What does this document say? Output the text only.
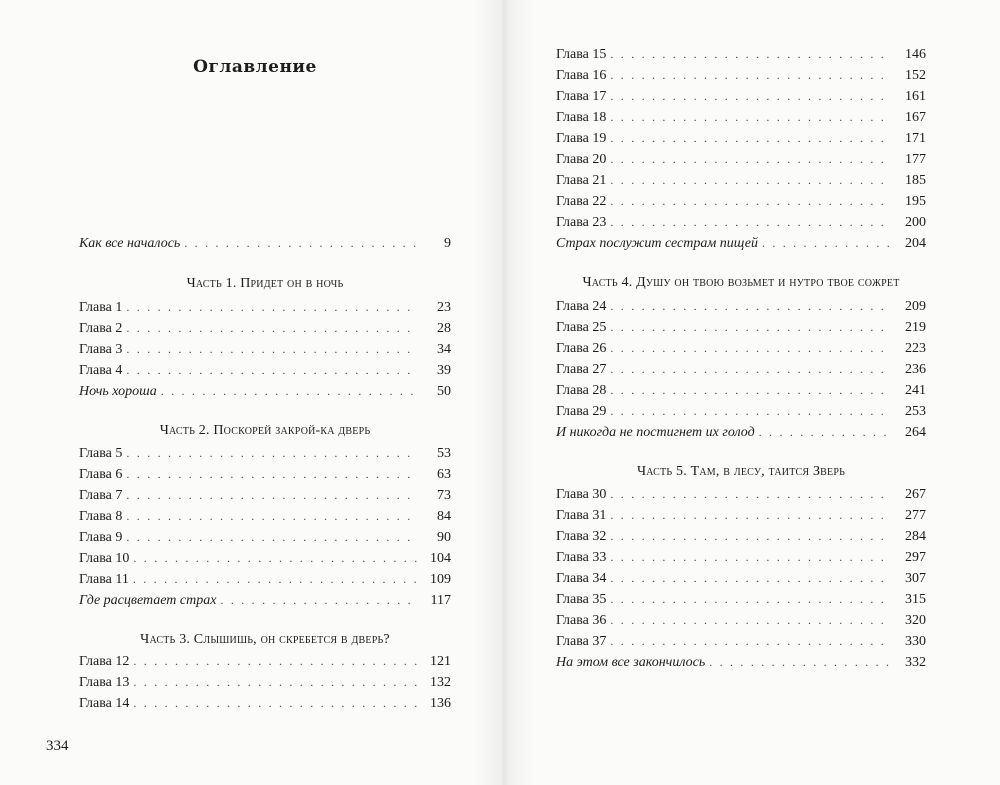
Оглавление
Как все началось . . .	9
Часть 1. Придет он в ночь
Глава 1 . . .	23
Глава 2 . . .	28
Глава 3 . . .	34
Глава 4 . . .	39
Ночь хороша . . .	50
Часть 2. Поскорей закрой-ка дверь
Глава 5 . . .	53
Глава 6 . . .	63
Глава 7 . . .	73
Глава 8 . . .	84
Глава 9 . . .	90
Глава 10 . . .	104
Глава 11 . . .	109
Где расцветает страх . . .	117
Часть 3. Слышишь, он скребется в дверь?
Глава 12 . . .	121
Глава 13 . . .	132
Глава 14 . . .	136
334
Глава 15 . . .	146
Глава 16 . . .	152
Глава 17 . . .	161
Глава 18 . . .	167
Глава 19 . . .	171
Глава 20 . . .	177
Глава 21 . . .	185
Глава 22 . . .	195
Глава 23 . . .	200
Страх послужит сестрам пищей . . .	204
Часть 4. Душу он твою возьмет и нутро твое сожрет
Глава 24 . . .	209
Глава 25 . . .	219
Глава 26 . . .	223
Глава 27 . . .	236
Глава 28 . . .	241
Глава 29 . . .	253
И никогда не постигнет их голод . . .	264
Часть 5. Там, в лесу, таится Зверь
Глава 30 . . .	267
Глава 31 . . .	277
Глава 32 . . .	284
Глава 33 . . .	297
Глава 34 . . .	307
Глава 35 . . .	315
Глава 36 . . .	320
Глава 37 . . .	330
На этом все закончилось . . .	332
